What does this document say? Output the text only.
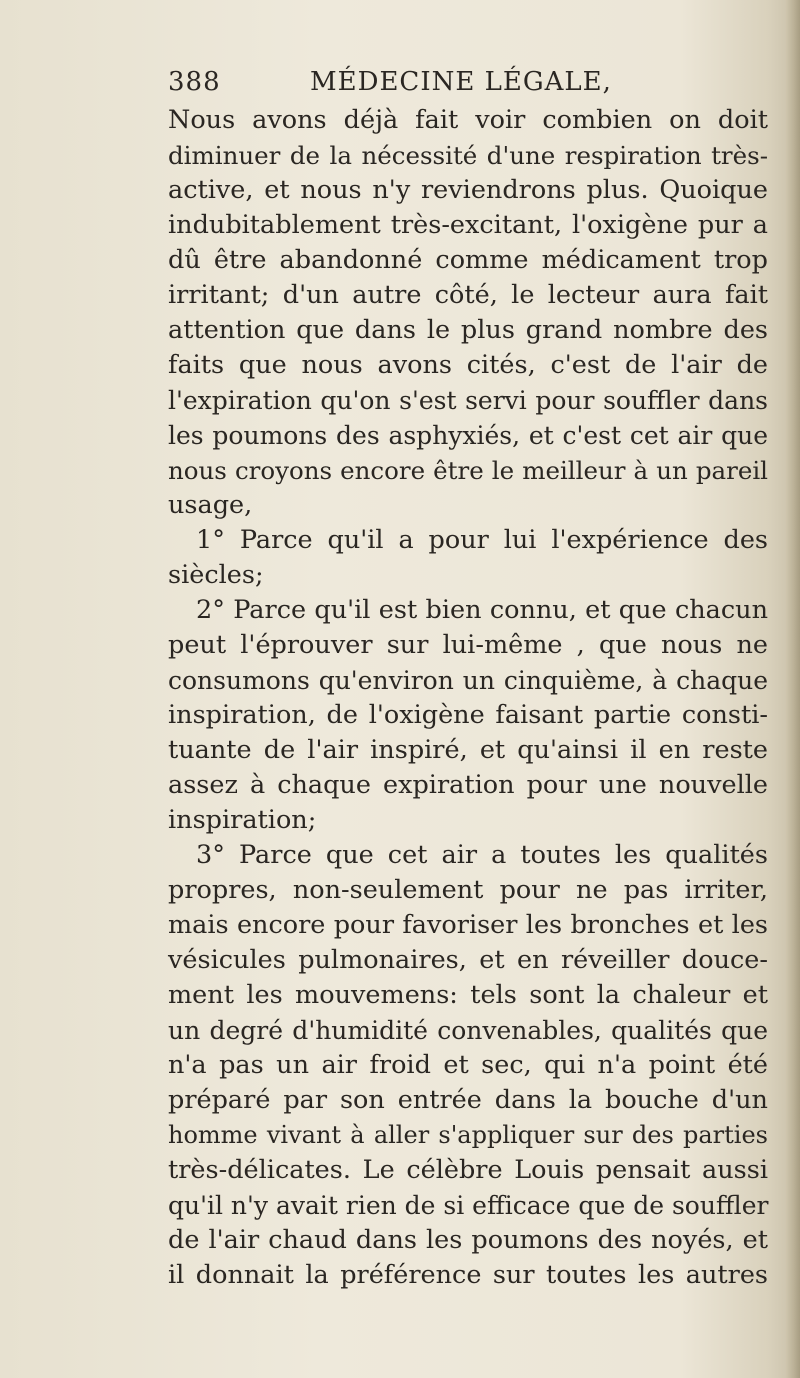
388	MÉDECINE LÉGALE,
Nous avons déjà fait voir combien on doit
diminuer de la nécessité d'une respiration très-
active, et nous n'y reviendrons plus. Quoique
indubitablement très-excitant, l'oxigène pur a
dû être abandonné comme médicament trop
irritant; d'un autre côté, le lecteur aura fait
attention que dans le plus grand nombre des
faits que nous avons cités, c'est de l'air de
l'expiration qu'on s'est servi pour souffler dans
les poumons des asphyxiés, et c'est cet air que
nous croyons encore être le meilleur à un pareil
usage,
1° Parce qu'il a pour lui l'expérience des
siècles;
2° Parce qu'il est bien connu, et que chacun
peut l'éprouver sur lui-même , que nous ne
consumons qu'environ un cinquième, à chaque
inspiration, de l'oxigène faisant partie consti-
tuante de l'air inspiré, et qu'ainsi il en reste
assez à chaque expiration pour une nouvelle
inspiration;
3° Parce que cet air a toutes les qualités
propres, non-seulement pour ne pas irriter,
mais encore pour favoriser les bronches et les
vésicules pulmonaires, et en réveiller douce-
ment les mouvemens: tels sont la chaleur et
un degré d'humidité convenables, qualités que
n'a pas un air froid et sec, qui n'a point été
préparé par son entrée dans la bouche d'un
homme vivant à aller s'appliquer sur des parties
très-délicates. Le célèbre Louis pensait aussi
qu'il n'y avait rien de si efficace que de souffler
de l'air chaud dans les poumons des noyés, et
il donnait la préférence sur toutes les autres
